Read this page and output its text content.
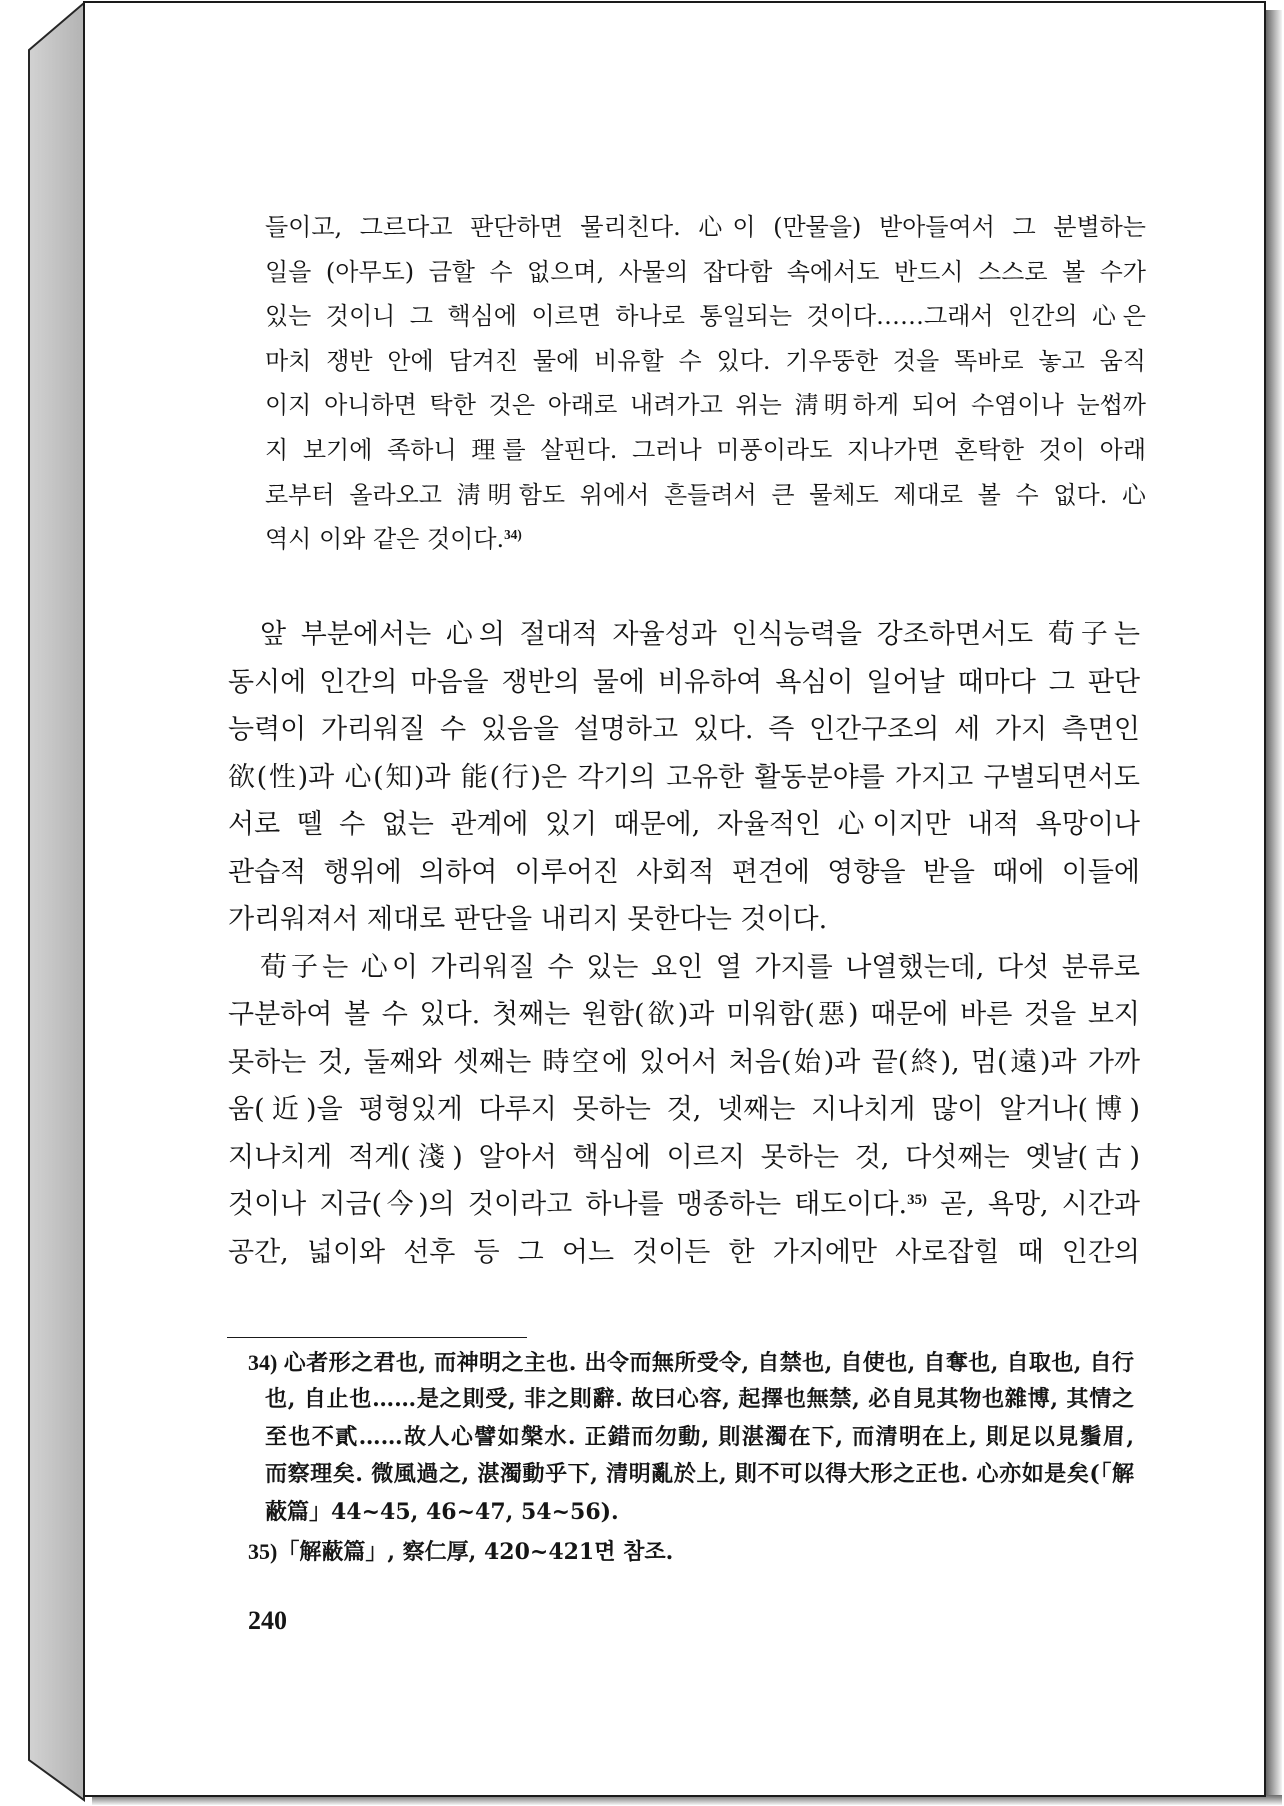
들이고, 그르다고 판단하면 물리친다. 心이 (만물을) 받아들여서 그 분별하는
일을 (아무도) 금할 수 없으며, 사물의 잡다함 속에서도 반드시 스스로 볼 수가
있는 것이니 그 핵심에 이르면 하나로 통일되는 것이다……그래서 인간의 心은
마치 쟁반 안에 담겨진 물에 비유할 수 있다. 기우뚱한 것을 똑바로 놓고 움직
이지 아니하면 탁한 것은 아래로 내려가고 위는 淸明하게 되어 수염이나 눈썹까
지 보기에 족하니 理를 살핀다. 그러나 미풍이라도 지나가면 혼탁한 것이 아래
로부터 올라오고 淸明함도 위에서 흔들려서 큰 물체도 제대로 볼 수 없다. 心
역시 이와 같은 것이다.$^{34)}$
앞 부분에서는 心의 절대적 자율성과 인식능력을 강조하면서도 荀子는
동시에 인간의 마음을 쟁반의 물에 비유하여 욕심이 일어날 때마다 그 판단
능력이 가리워질 수 있음을 설명하고 있다. 즉 인간구조의 세 가지 측면인
欲(性)과 心(知)과 能(行)은 각기의 고유한 활동분야를 가지고 구별되면서도
서로 뗄 수 없는 관계에 있기 때문에, 자율적인 心이지만 내적 욕망이나
관습적 행위에 의하여 이루어진 사회적 편견에 영향을 받을 때에 이들에
가리워져서 제대로 판단을 내리지 못한다는 것이다.
荀子는 心이 가리워질 수 있는 요인 열 가지를 나열했는데, 다섯 분류로
구분하여 볼 수 있다. 첫째는 원함(欲)과 미워함(惡) 때문에 바른 것을 보지
못하는 것, 둘째와 셋째는 時空에 있어서 처음(始)과 끝(終), 멈(遠)과 가까
움(近)을 평형있게 다루지 못하는 것, 넷째는 지나치게 많이 알거나(博)
지나치게 적게(淺) 알아서 핵심에 이르지 못하는 것, 다섯째는 옛날(古)
것이나 지금(今)의 것이라고 하나를 맹종하는 태도이다.$^{35)}$ 곧, 욕망, 시간과
공간, 넓이와 선후 등 그 어느 것이든 한 가지에만 사로잡힐 때 인간의
34) 心者形之君也, 而神明之主也. 出令而無所受令, 自禁也, 自使也, 自奪也, 自取也, 自行
也, 自止也……是之則受, 非之則辭. 故曰心容, 起擇也無禁, 必自見其物也雜博, 其情之
至也不貳……故人心譬如槃水. 正錯而勿動, 則湛濁在下, 而清明在上, 則足以見鬚眉,
而察理矣. 微風過之, 湛濁動乎下, 清明亂於上, 則不可以得大形之正也. 心亦如是矣(「解
蔽篇」44~45, 46~47, 54~56).
35)「解蔽篇」, 察仁厚, 420~421면 참조.
240
